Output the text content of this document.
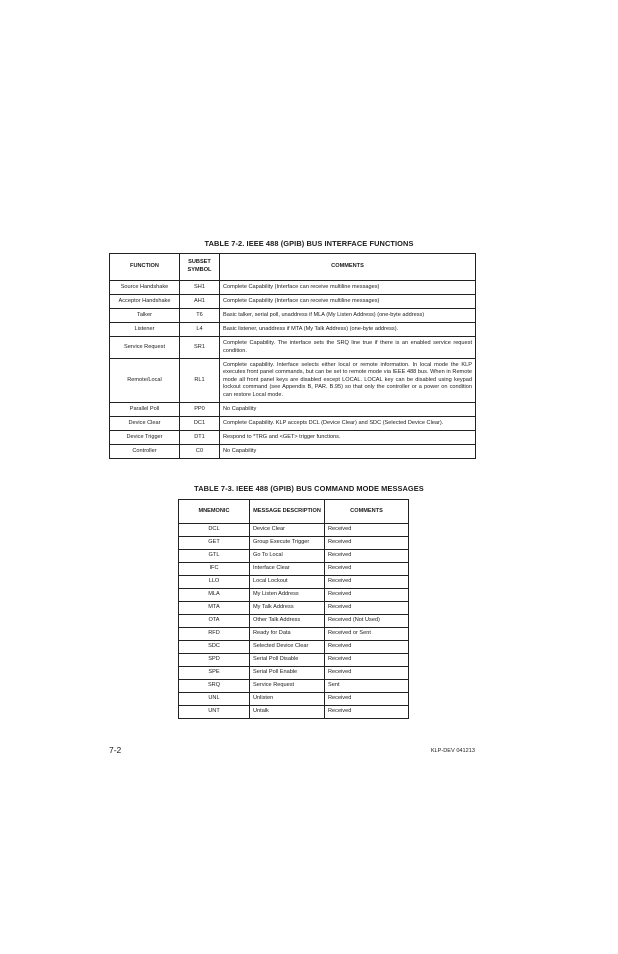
TABLE 7-2. IEEE 488 (GPIB) BUS INTERFACE FUNCTIONS
FUNCTION	SUBSET SYMBOL	COMMENTS
Source Handshake	SH1	Complete Capability (Interface can receive multiline messages)
Acceptor Handshake	AH1	Complete Capability (Interface can receive multiline messages)
Talker	T6	Basic talker, serial poll, unaddress if MLA (My Listen Address) (one-byte address)
Listener	L4	Basic listener, unaddress if MTA (My Talk Address) (one-byte address).
Service Request	SR1	Complete Capability. The interface sets the SRQ line true if there is an enabled service request condition.
Remote/Local	RL1	Complete capability. Interface selects either local or remote information. In local mode the KLP executes front panel commands, but can be set to remote mode via IEEE 488 bus. When in Remote mode all front panel keys are disabled except LOCAL. LOCAL key can be disabled using keypad lockout command (see Appendix B, PAR. B.95) so that only the controller or a power on condition can restore Local mode.
Parallel Poll	PP0	No Capability
Device Clear	DC1	Complete Capability. KLP accepts DCL (Device Clear) and SDC (Selected Device Clear).
Device Trigger	DT1	Respond to *TRG and <GET> trigger functions.
Controller	C0	No Capability
TABLE 7-3. IEEE 488 (GPIB) BUS COMMAND MODE MESSAGES
MNEMONIC	MESSAGE DESCRIPTION	COMMENTS
DCL	Device Clear	Received
GET	Group Execute Trigger	Received
GTL	Go To Local	Received
IFC	Interface Clear	Received
LLO	Local Lockout	Received
MLA	My Listen Address	Received
MTA	My Talk Address	Received
OTA	Other Talk Address	Received (Not Used)
RFD	Ready for Data	Received or Sent
SDC	Selected Device Clear	Received
SPD	Serial Poll Disable	Received
SPE	Serial Poll Enable	Received
SRQ	Service Request	Sent
UNL	Unlisten	Received
UNT	Untalk	Received
7-2	KLP-DEV 041213
